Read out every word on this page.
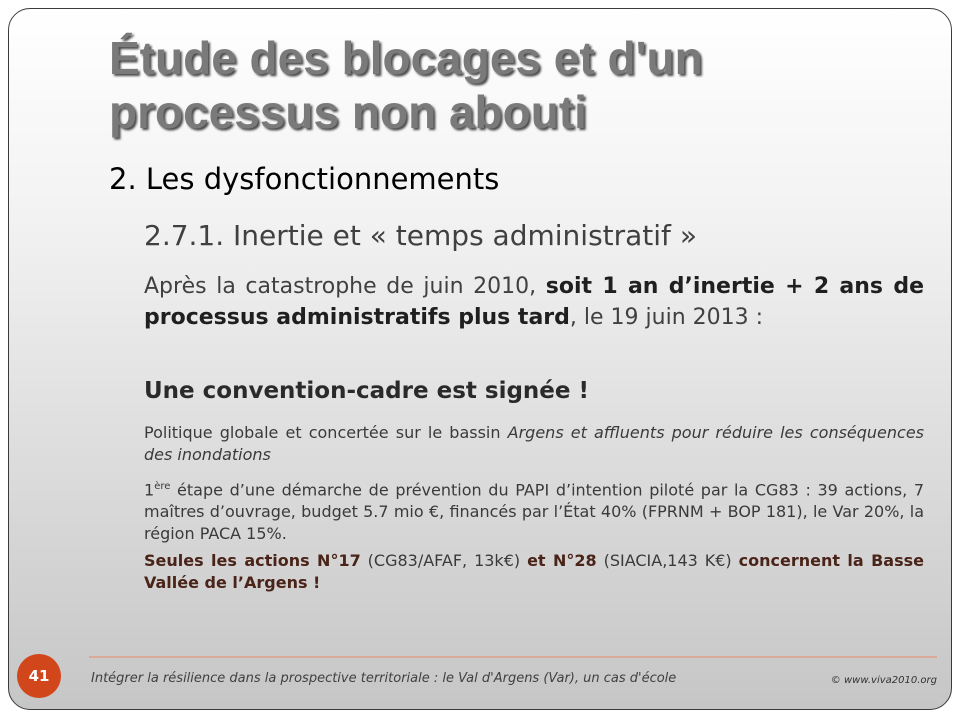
Étude des blocages et d'un processus non abouti
2. Les dysfonctionnements
2.7.1. Inertie et « temps administratif »

Après la catastrophe de juin 2010, soit 1 an d’inertie + 2 ans de processus administratifs plus tard, le 19 juin 2013 :

Une convention-cadre est signée !

Politique globale et concertée sur le bassin Argens et affluents pour réduire les conséquences des inondations

1ère étape d’une démarche de prévention du PAPI d’intention piloté par la CG83 : 39 actions, 7 maîtres d’ouvrage, budget 5.7 mio €, financés par l’État 40% (FPRNM + BOP 181), le Var 20%, la région PACA 15%.

Seules les actions N°17 (CG83/AFAF, 13k€) et N°28 (SIACIA,143 K€) concernent la Basse Vallée de l’Argens !

41	Intégrer la résilience dans la prospective territoriale : le Val d'Argens (Var), un cas d'école	© www.viva2010.org
